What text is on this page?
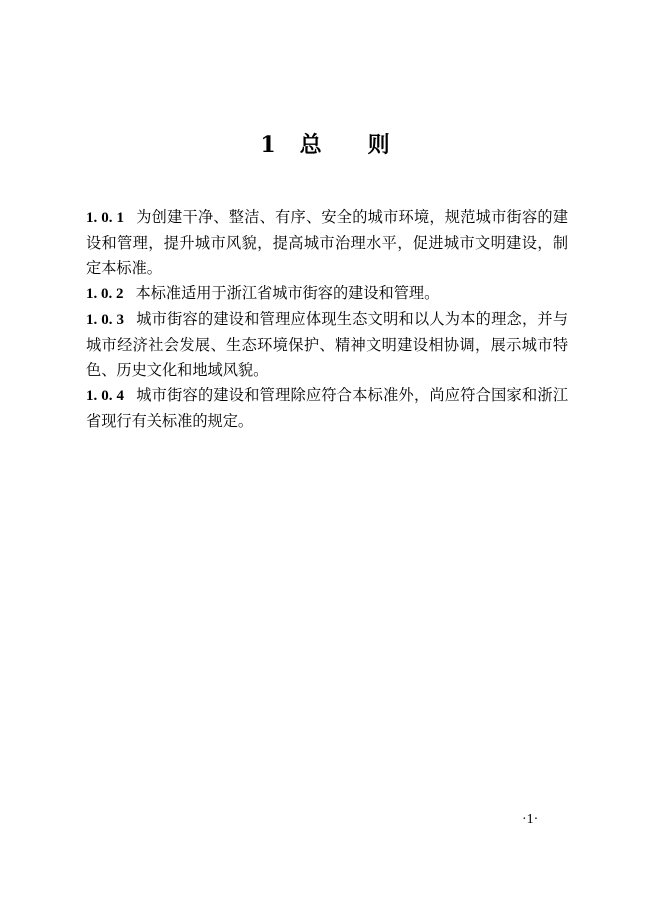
1 总 则

1. 0. 1 为创建干净、整洁、有序、安全的城市环境，规范城市街容的建设和管理，提升城市风貌，提高城市治理水平，促进城市文明建设，制定本标准。

1. 0. 2 本标准适用于浙江省城市街容的建设和管理。

1. 0. 3 城市街容的建设和管理应体现生态文明和以人为本的理念，并与城市经济社会发展、生态环境保护、精神文明建设相协调，展示城市特色、历史文化和地域风貌。

1. 0. 4 城市街容的建设和管理除应符合本标准外，尚应符合国家和浙江省现行有关标准的规定。

·1·
